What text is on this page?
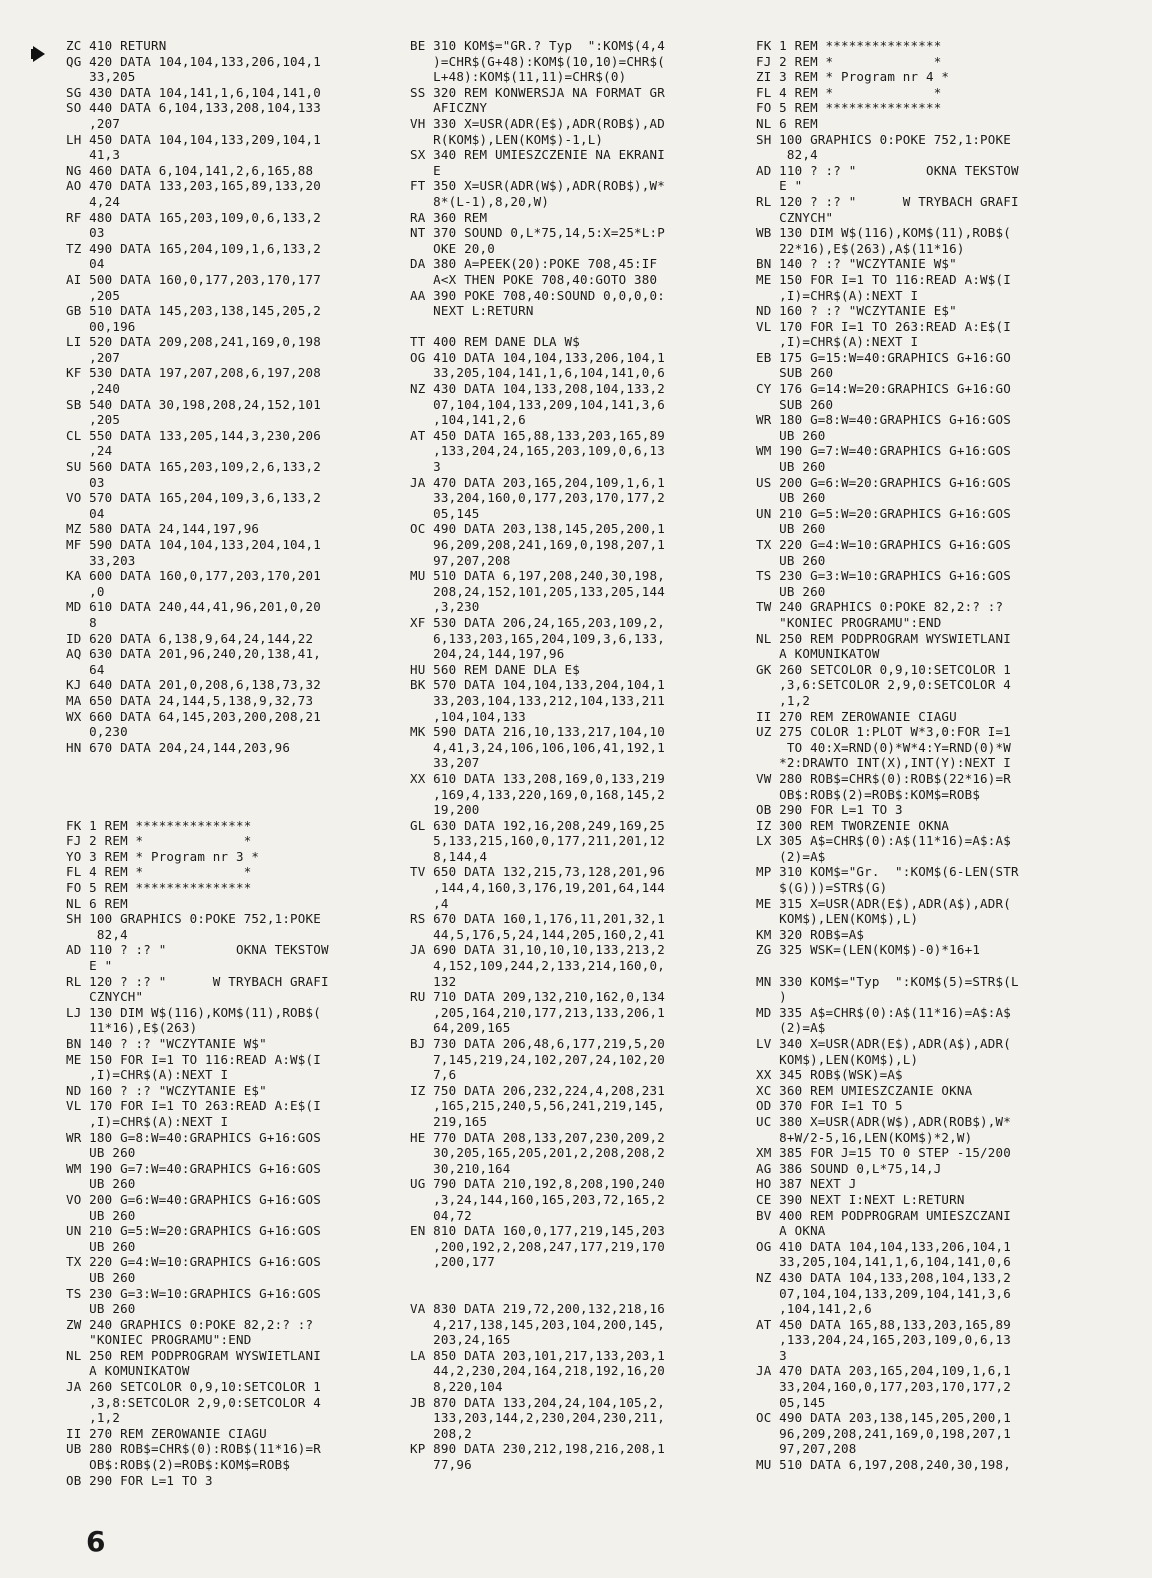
ZC 410 RETURN
QG 420 DATA 104,104,133,206,104,1
33,205
SG 430 DATA 104,141,1,6,104,141,0
SO 440 DATA 6,104,133,208,104,133
,207
LH 450 DATA 104,104,133,209,104,1
41,3
NG 460 DATA 6,104,141,2,6,165,88
AO 470 DATA 133,203,165,89,133,20
4,24
RF 480 DATA 165,203,109,0,6,133,2
03
TZ 490 DATA 165,204,109,1,6,133,2
04
AI 500 DATA 160,0,177,203,170,177
,205
GB 510 DATA 145,203,138,145,205,2
00,196
LI 520 DATA 209,208,241,169,0,198
,207
KF 530 DATA 197,207,208,6,197,208
,240
SB 540 DATA 30,198,208,24,152,101
,205
CL 550 DATA 133,205,144,3,230,206
,24
SU 560 DATA 165,203,109,2,6,133,2
03
VO 570 DATA 165,204,109,3,6,133,2
04
MZ 580 DATA 24,144,197,96
MF 590 DATA 104,104,133,204,104,1
33,203
KA 600 DATA 160,0,177,203,170,201
,0
MD 610 DATA 240,44,41,96,201,0,20
8
ID 620 DATA 6,138,9,64,24,144,22
AQ 630 DATA 201,96,240,20,138,41,
64
KJ 640 DATA 201,0,208,6,138,73,32
MA 650 DATA 24,144,5,138,9,32,73
WX 660 DATA 64,145,203,200,208,21
0,230
HN 670 DATA 204,24,144,203,96

FK 1 REM ***************
FJ 2 REM *             *
YO 3 REM * Program nr 3 *
FL 4 REM *             *
FO 5 REM ***************
NL 6 REM
SH 100 GRAPHICS 0:POKE 752,1:POKE
82,4
AD 110 ? :? "         OKNA TEKSTOW
E "
RL 120 ? :? "      W TRYBACH GRAFI
CZNYCH"
LJ 130 DIM W$(116),KOM$(11),ROB$(
11*16),E$(263)
BN 140 ? :? "WCZYTANIE W$"
ME 150 FOR I=1 TO 116:READ A:W$(I
,I)=CHR$(A):NEXT I
ND 160 ? :? "WCZYTANIE E$"
VL 170 FOR I=1 TO 263:READ A:E$(I
,I)=CHR$(A):NEXT I
WR 180 G=8:W=40:GRAPHICS G+16:GOS
UB 260
WM 190 G=7:W=40:GRAPHICS G+16:GOS
UB 260
VO 200 G=6:W=40:GRAPHICS G+16:GOS
UB 260
UN 210 G=5:W=20:GRAPHICS G+16:GOS
UB 260
TX 220 G=4:W=10:GRAPHICS G+16:GOS
UB 260
TS 230 G=3:W=10:GRAPHICS G+16:GOS
UB 260
ZW 240 GRAPHICS 0:POKE 82,2:? :?
"KONIEC PROGRAMU":END
NL 250 REM PODPROGRAM WYSWIETLANI
A KOMUNIKATOW
JA 260 SETCOLOR 0,9,10:SETCOLOR 1
,3,8:SETCOLOR 2,9,0:SETCOLOR 4
,1,2
II 270 REM ZEROWANIE CIAGU
UB 280 ROB$=CHR$(0):ROB$(11*16)=R
OB$:ROB$(2)=ROB$:KOM$=ROB$
OB 290 FOR L=1 TO 3
BE 310 KOM$="GR.? Typ  ":KOM$(4,4
)=CHR$(G+48):KOM$(10,10)=CHR$(
L+48):KOM$(11,11)=CHR$(0)
SS 320 REM KONWERSJA NA FORMAT GR
AFICZNY
VH 330 X=USR(ADR(E$),ADR(ROB$),AD
R(KOM$),LEN(KOM$)-1,L)
SX 340 REM UMIESZCZENIE NA EKRANI
E
FT 350 X=USR(ADR(W$),ADR(ROB$),W*
8*(L-1),8,20,W)
RA 360 REM
NT 370 SOUND 0,L*75,14,5:X=25*L:P
OKE 20,0
DA 380 A=PEEK(20):POKE 708,45:IF
A<X THEN POKE 708,40:GOTO 380
AA 390 POKE 708,40:SOUND 0,0,0,0:
NEXT L:RETURN

TT 400 REM DANE DLA W$
OG 410 DATA 104,104,133,206,104,1
33,205,104,141,1,6,104,141,0,6
NZ 430 DATA 104,133,208,104,133,2
07,104,104,133,209,104,141,3,6
,104,141,2,6
AT 450 DATA 165,88,133,203,165,89
,133,204,24,165,203,109,0,6,13
3
JA 470 DATA 203,165,204,109,1,6,1
33,204,160,0,177,203,170,177,2
05,145
OC 490 DATA 203,138,145,205,200,1
96,209,208,241,169,0,198,207,1
97,207,208
MU 510 DATA 6,197,208,240,30,198,
208,24,152,101,205,133,205,144
,3,230
XF 530 DATA 206,24,165,203,109,2,
6,133,203,165,204,109,3,6,133,
204,24,144,197,96
HU 560 REM DANE DLA E$
BK 570 DATA 104,104,133,204,104,1
33,203,104,133,212,104,133,211
,104,104,133
MK 590 DATA 216,10,133,217,104,10
4,41,3,24,106,106,106,41,192,1
33,207
XX 610 DATA 133,208,169,0,133,219
,169,4,133,220,169,0,168,145,2
19,200
GL 630 DATA 192,16,208,249,169,25
5,133,215,160,0,177,211,201,12
8,144,4
TV 650 DATA 132,215,73,128,201,96
,144,4,160,3,176,19,201,64,144
,4
RS 670 DATA 160,1,176,11,201,32,1
44,5,176,5,24,144,205,160,2,41
JA 690 DATA 31,10,10,10,133,213,2
4,152,109,244,2,133,214,160,0,
132
RU 710 DATA 209,132,210,162,0,134
,205,164,210,177,213,133,206,1
64,209,165
BJ 730 DATA 206,48,6,177,219,5,20
7,145,219,24,102,207,24,102,20
7,6
IZ 750 DATA 206,232,224,4,208,231
,165,215,240,5,56,241,219,145,
219,165
HE 770 DATA 208,133,207,230,209,2
30,205,165,205,201,2,208,208,2
30,210,164
UG 790 DATA 210,192,8,208,190,240
,3,24,144,160,165,203,72,165,2
04,72
EN 810 DATA 160,0,177,219,145,203
,200,192,2,208,247,177,219,170
,200,177

VA 830 DATA 219,72,200,132,218,16
4,217,138,145,203,104,200,145,
203,24,165
LA 850 DATA 203,101,217,133,203,1
44,2,230,204,164,218,192,16,20
8,220,104
JB 870 DATA 133,204,24,104,105,2,
133,203,144,2,230,204,230,211,
208,2
KP 890 DATA 230,212,198,216,208,1
77,96
FK 1 REM ***************
FJ 2 REM *             *
ZI 3 REM * Program nr 4 *
FL 4 REM *             *
FO 5 REM ***************
NL 6 REM
SH 100 GRAPHICS 0:POKE 752,1:POKE
82,4
AD 110 ? :? "         OKNA TEKSTOW
E "
RL 120 ? :? "      W TRYBACH GRAFI
CZNYCH"
WB 130 DIM W$(116),KOM$(11),ROB$(
22*16),E$(263),A$(11*16)
BN 140 ? :? "WCZYTANIE W$"
ME 150 FOR I=1 TO 116:READ A:W$(I
,I)=CHR$(A):NEXT I
ND 160 ? :? "WCZYTANIE E$"
VL 170 FOR I=1 TO 263:READ A:E$(I
,I)=CHR$(A):NEXT I
EB 175 G=15:W=40:GRAPHICS G+16:GO
SUB 260
CY 176 G=14:W=20:GRAPHICS G+16:GO
SUB 260
WR 180 G=8:W=40:GRAPHICS G+16:GOS
UB 260
WM 190 G=7:W=40:GRAPHICS G+16:GOS
UB 260
US 200 G=6:W=20:GRAPHICS G+16:GOS
UB 260
UN 210 G=5:W=20:GRAPHICS G+16:GOS
UB 260
TX 220 G=4:W=10:GRAPHICS G+16:GOS
UB 260
TS 230 G=3:W=10:GRAPHICS G+16:GOS
UB 260
TW 240 GRAPHICS 0:POKE 82,2:? :?
"KONIEC PROGRAMU":END
NL 250 REM PODPROGRAM WYSWIETLANI
A KOMUNIKATOW
GK 260 SETCOLOR 0,9,10:SETCOLOR 1
,3,6:SETCOLOR 2,9,0:SETCOLOR 4
,1,2
II 270 REM ZEROWANIE CIAGU
UZ 275 COLOR 1:PLOT W*3,0:FOR I=1
TO 40:X=RND(0)*W*4:Y=RND(0)*W
*2:DRAWTO INT(X),INT(Y):NEXT I
VW 280 ROB$=CHR$(0):ROB$(22*16)=R
OB$:ROB$(2)=ROB$:KOM$=ROB$
OB 290 FOR L=1 TO 3
IZ 300 REM TWORZENIE OKNA
LX 305 A$=CHR$(0):A$(11*16)=A$:A$
(2)=A$
MP 310 KOM$="Gr.  ":KOM$(6-LEN(STR
$(G)))=STR$(G)
ME 315 X=USR(ADR(E$),ADR(A$),ADR(
KOM$),LEN(KOM$),L)
KM 320 ROB$=A$
ZG 325 WSK=(LEN(KOM$)-0)*16+1

MN 330 KOM$="Typ  ":KOM$(5)=STR$(L
)
MD 335 A$=CHR$(0):A$(11*16)=A$:A$
(2)=A$
LV 340 X=USR(ADR(E$),ADR(A$),ADR(
KOM$),LEN(KOM$),L)
XX 345 ROB$(WSK)=A$
XC 360 REM UMIESZCZANIE OKNA
OD 370 FOR I=1 TO 5
UC 380 X=USR(ADR(W$),ADR(ROB$),W*
8+W/2-5,16,LEN(KOM$)*2,W)
XM 385 FOR J=15 TO 0 STEP -15/200
AG 386 SOUND 0,L*75,14,J
HO 387 NEXT J
CE 390 NEXT I:NEXT L:RETURN
BV 400 REM PODPROGRAM UMIESZCZANI
A OKNA
OG 410 DATA 104,104,133,206,104,1
33,205,104,141,1,6,104,141,0,6
NZ 430 DATA 104,133,208,104,133,2
07,104,104,133,209,104,141,3,6
,104,141,2,6
AT 450 DATA 165,88,133,203,165,89
,133,204,24,165,203,109,0,6,13
3
JA 470 DATA 203,165,204,109,1,6,1
33,204,160,0,177,203,170,177,2
05,145
OC 490 DATA 203,138,145,205,200,1
96,209,208,241,169,0,198,207,1
97,207,208
MU 510 DATA 6,197,208,240,30,198,
6
